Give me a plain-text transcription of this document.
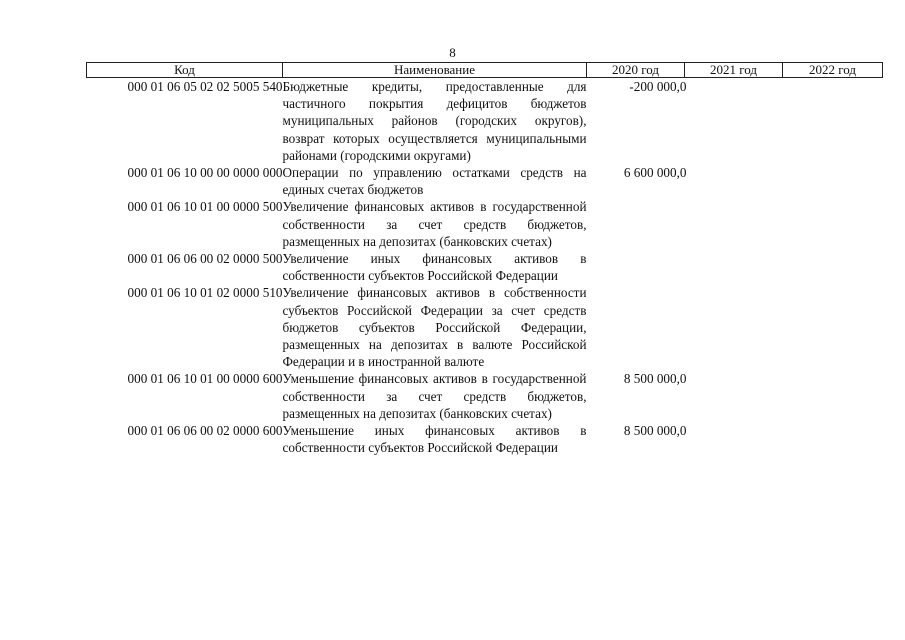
8
Код	Наименование	2020 год	2021 год	2022 год
000 01 06 05 02 02 5005 540	Бюджетные кредиты, предоставленные для частичного покрытия дефицитов бюджетов муниципальных районов (городских округов), возврат которых осуществляется муниципальными районами (городскими округами)	-200 000,0		
000 01 06 10 00 00 0000 000	Операции по управлению остатками средств на единых счетах бюджетов	6 600 000,0		
000 01 06 10 01 00 0000 500	Увеличение финансовых активов в государственной собственности за счет средств бюджетов, размещенных на депозитах (банковских счетах)			
000 01 06 06 00 02 0000 500	Увеличение иных финансовых активов в собственности субъектов Российской Федерации			
000 01 06 10 01 02 0000 510	Увеличение финансовых активов в собственности субъектов Российской Федерации за счет средств бюджетов субъектов Российской Федерации, размещенных на депозитах в валюте Российской Федерации и в иностранной валюте			
000 01 06 10 01 00 0000 600	Уменьшение финансовых активов в государственной собственности за счет средств бюджетов, размещенных на депозитах (банковских счетах)	8 500 000,0		
000 01 06 06 00 02 0000 600	Уменьшение иных финансовых активов в собственности субъектов Российской Федерации	8 500 000,0		
